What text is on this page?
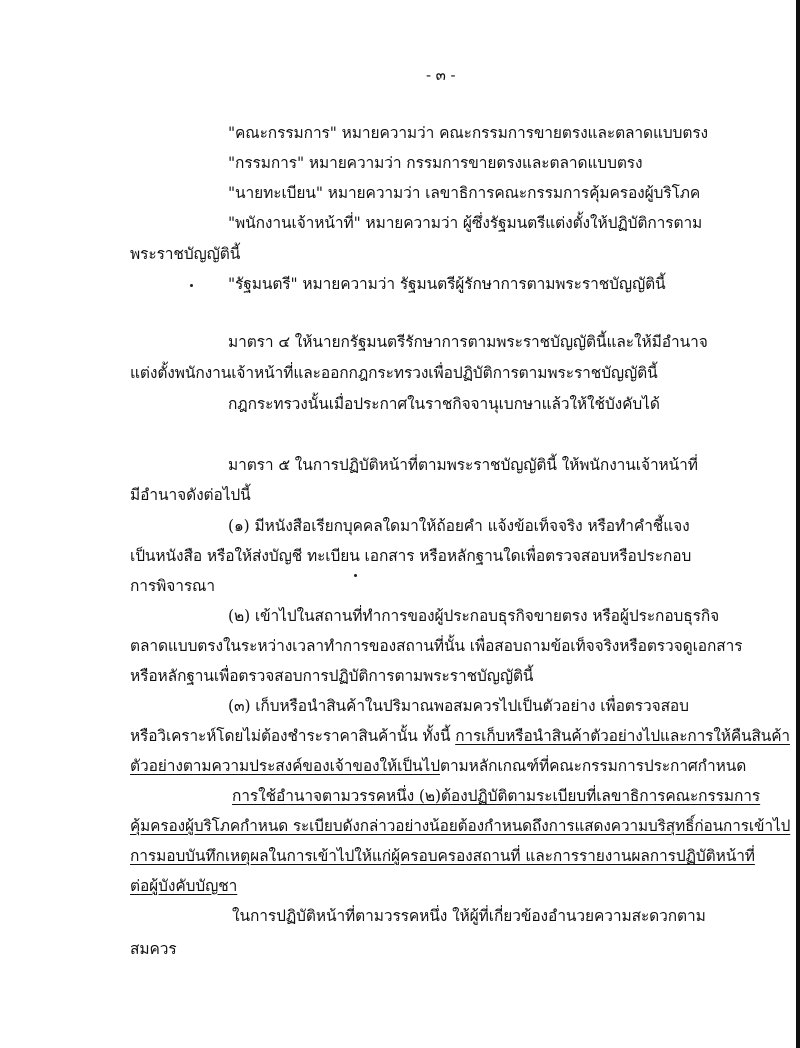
- ๓ -
"คณะกรรมการ" หมายความว่า คณะกรรมการขายตรงและตลาดแบบตรง
"กรรมการ" หมายความว่า กรรมการขายตรงและตลาดแบบตรง
"นายทะเบียน" หมายความว่า เลขาธิการคณะกรรมการคุ้มครองผู้บริโภค
"พนักงานเจ้าหน้าที่" หมายความว่า ผู้ซึ่งรัฐมนตรีแต่งตั้งให้ปฏิบัติการตาม
พระราชบัญญัตินี้
"รัฐมนตรี" หมายความว่า รัฐมนตรีผู้รักษาการตามพระราชบัญญัตินี้
มาตรา ๔ ให้นายกรัฐมนตรีรักษาการตามพระราชบัญญัตินี้และให้มีอำนาจ
แต่งตั้งพนักงานเจ้าหน้าที่และออกกฎกระทรวงเพื่อปฏิบัติการตามพระราชบัญญัตินี้
กฎกระทรวงนั้นเมื่อประกาศในราชกิจจานุเบกษาแล้วให้ใช้บังคับได้
มาตรา ๕ ในการปฏิบัติหน้าที่ตามพระราชบัญญัตินี้ ให้พนักงานเจ้าหน้าที่
มีอำนาจดังต่อไปนี้
(๑) มีหนังสือเรียกบุคคลใดมาให้ถ้อยคำ แจ้งข้อเท็จจริง หรือทำคำชี้แจง
เป็นหนังสือ หรือให้ส่งบัญชี ทะเบียน เอกสาร หรือหลักฐานใดเพื่อตรวจสอบหรือประกอบ
การพิจารณา
(๒) เข้าไปในสถานที่ทำการของผู้ประกอบธุรกิจขายตรง หรือผู้ประกอบธุรกิจ
ตลาดแบบตรงในระหว่างเวลาทำการของสถานที่นั้น เพื่อสอบถามข้อเท็จจริงหรือตรวจดูเอกสาร
หรือหลักฐานเพื่อตรวจสอบการปฏิบัติการตามพระราชบัญญัตินี้
(๓) เก็บหรือนำสินค้าในปริมาณพอสมควรไปเป็นตัวอย่าง เพื่อตรวจสอบ
หรือวิเคราะห์โดยไม่ต้องชำระราคาสินค้านั้น ทั้งนี้ การเก็บหรือนำสินค้าตัวอย่างไปและการให้คืนสินค้า
ตัวอย่างตามความประสงค์ของเจ้าของให้เป็นไปตามหลักเกณฑ์ที่คณะกรรมการประกาศกำหนด
การใช้อำนาจตามวรรคหนึ่ง (๒)ต้องปฏิบัติตามระเบียบที่เลขาธิการคณะกรรมการ
คุ้มครองผู้บริโภคกำหนด ระเบียบดังกล่าวอย่างน้อยต้องกำหนดถึงการแสดงความบริสุทธิ์ก่อนการเข้าไป
การมอบบันทึกเหตุผลในการเข้าไปให้แก่ผู้ครอบครองสถานที่ และการรายงานผลการปฏิบัติหน้าที่
ต่อผู้บังคับบัญชา
ในการปฏิบัติหน้าที่ตามวรรคหนึ่ง ให้ผู้ที่เกี่ยวข้องอำนวยความสะดวกตาม
สมควร
